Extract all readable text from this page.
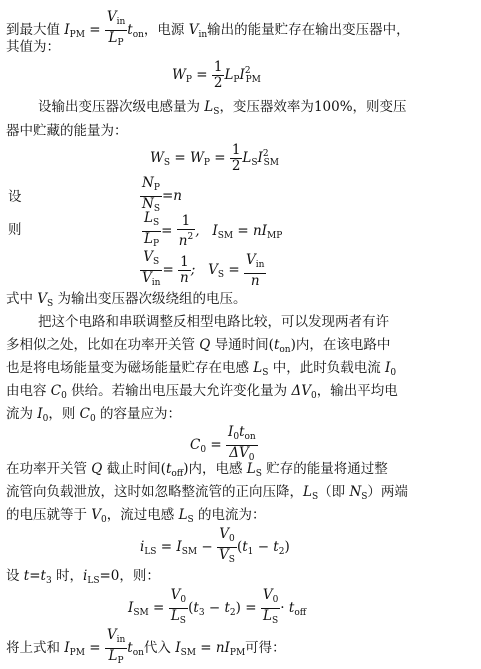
到最大值 $I_{PM} = \frac{V_{in}}{L_P} t_{on}$，电源 $V_{in}$输出的能量贮存在输出变压器中，
其值为：
$W_P = \frac{1}{2} L_PI^2_{PM}$
设输出变压器次级电感量为 $L_S$，变压器效率为100%，则变压
器中贮藏的能量为：
$W_S = W_P = \frac{1}{2} L_SI^2_{SM}$
设	$\frac{N_P}{N_S} =n$
则	$\frac{L_S}{L_P} = \frac{1}{n^2}$ ,   $I_{SM} = nI_{MP}$
$\frac{V_S}{V_{in}} = \frac{1}{n}$ ;   $V_S = \frac{V_{in}}{n}$
式中 $V_S$ 为输出变压器次级绕组的电压。
把这个电路和串联调整反相型电路比较，可以发现两者有许
多相似之处，比如在功率开关管 Q 导通时间$(t_{on})$内，在该电路中
也是将电场能量变为磁场能量贮存在电感 $L_S$ 中，此时负载电流 $I_0$
由电容 $C_0$ 供给。若输出电压最大允许变化量为 $\Delta V_0$，输出平均电
流为 $I_0$，则 $C_0$ 的容量应为：
$C_0 = \frac{I_0t_{on}}{\Delta V_0}$
在功率开关管 Q 截止时间$(t_{off})$内，电感 $L_S$ 贮存的能量将通过整
流管向负载泄放，这时如忽略整流管的正向压降，$L_S$（即 $N_S$）两端
的电压就等于 $V_0$，流过电感 $L_S$ 的电流为：
$i_{LS} = I_{SM} - \frac{V_0}{V_S} (t_1 - t_2)$
设 $t=t_3$ 时，$i_{LS}=0$，则：
$I_{SM} = \frac{V_0}{L_S} (t_3 - t_2) = \frac{V_0}{L_S} \cdot t_{off}$
将上式和 $I_{PM} = \frac{V_{in}}{L_P} t_{on}$代入 $I_{SM} = nI_{PM}$可得：
